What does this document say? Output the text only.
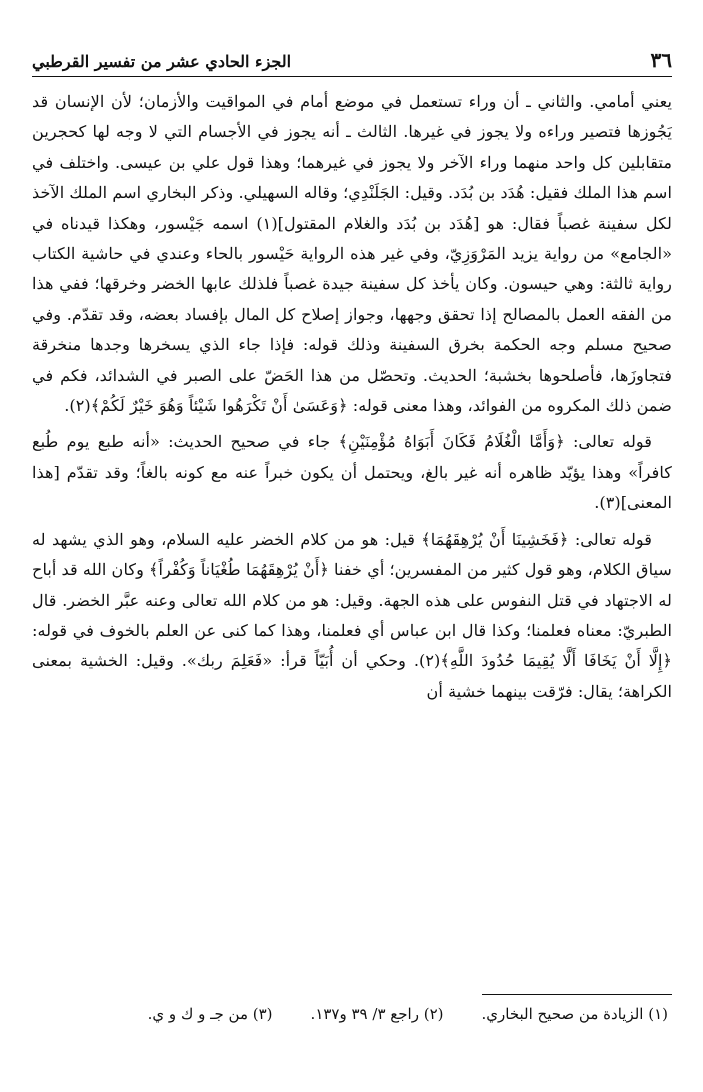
٣٦
الجزء الحادي عشر من تفسير القرطبي

يعني أمامي. والثاني ـ أن وراء تستعمل في موضع أمام في المواقيت والأزمان؛ لأن الإنسان قد يَجُوزها فتصير وراءه ولا يجوز في غيرها. الثالث ـ أنه يجوز في الأجسام التي لا وجه لها كحجرين متقابلين كل واحد منهما وراء الآخر ولا يجوز في غيرهما؛ وهذا قول علي بن عيسى. واختلف في اسم هذا الملك فقيل: هُدَد بن بُدَد. وقيل: الجَلَنْدِي؛ وقاله السهيلي. وذكر البخاري اسم الملك الآخذ لكل سفينة غصباً فقال: هو [هُدَد بن بُدَد والغلام المقتول](١) اسمه جَيْسور، وهكذا قيدناه في «الجامع» من رواية يزيد المَرْوَزِيّ، وفي غير هذه الرواية حَيْسور بالحاء وعندي في حاشية الكتاب رواية ثالثة: وهي حيسون. وكان يأخذ كل سفينة جيدة غصباً فلذلك عابها الخضر وخرقها؛ ففي هذا من الفقه العمل بالمصالح إذا تحقق وجهها، وجواز إصلاح كل المال بإفساد بعضه، وقد تقدّم. وفي صحيح مسلم وجه الحكمة بخرق السفينة وذلك قوله: فإذا جاء الذي يسخرها وجدها منخرقة فتجاوزَها، فأصلحوها بخشبة؛ الحديث. وتحصّل من هذا الحَضّ على الصبر في الشدائد، فكم في ضمن ذلك المكروه من الفوائد، وهذا معنى قوله: ﴿وَعَسَىٰ أَنْ تَكْرَهُوا شَيْئاً وَهُوَ خَيْرٌ لَكُمْ﴾(٢).

قوله تعالى: ﴿وَأَمَّا الْغُلَامُ فَكَانَ أَبَوَاهُ مُؤْمِنَيْنِ﴾ جاء في صحيح الحديث: «أنه طبع يوم طُبع كافراً» وهذا يؤيّد ظاهره أنه غير بالغ، ويحتمل أن يكون خبراً عنه مع كونه بالغاً؛ وقد تقدّم [هذا المعنى](٣).

قوله تعالى: ﴿فَخَشِينَا أَنْ يُرْهِقَهُمَا﴾ قيل: هو من كلام الخضر عليه السلام، وهو الذي يشهد له سياق الكلام، وهو قول كثير من المفسرين؛ أي خفنا ﴿أَنْ يُرْهِقَهُمَا طُغْيَاناً وَكُفْراً﴾ وكان الله قد أباح له الاجتهاد في قتل النفوس على هذه الجهة. وقيل: هو من كلام الله تعالى وعنه عبَّر الخضر. قال الطبريّ: معناه فعلمنا؛ وكذا قال ابن عباس أي فعلمنا، وهذا كما كنى عن العلم بالخوف في قوله: ﴿إِلَّا أَنْ يَخَافَا أَلَّا يُقِيمَا حُدُودَ اللَّهِ﴾(٢). وحكي أن أُبَيّاً قرأ: «فَعَلِمَ ربك». وقيل: الخشية بمعنى الكراهة؛ يقال: فرّقت بينهما خشية أن

(١) الزيادة من صحيح البخاري.
(٢) راجع ٣/ ٣٩ و١٣٧.
(٣) من جـ و ك و ي.
